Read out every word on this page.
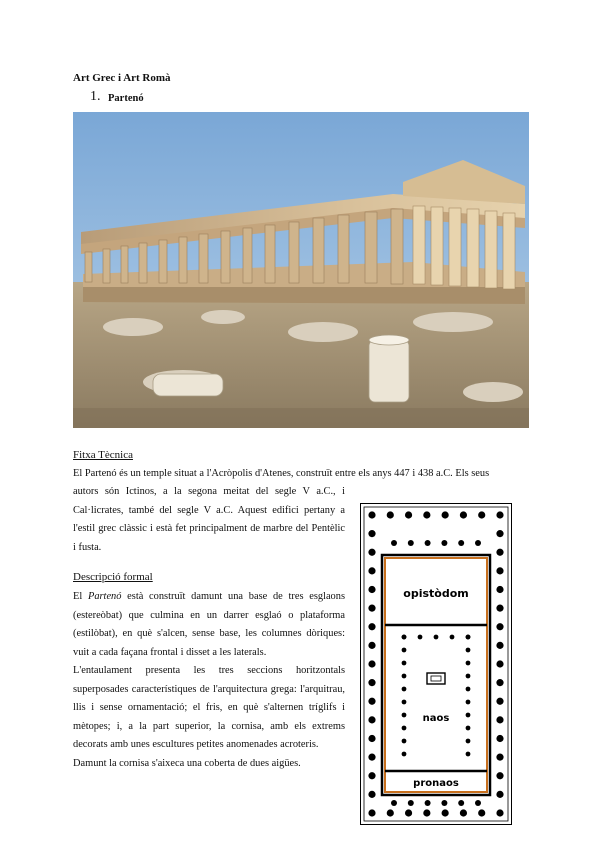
Art Grec i Art Romà
1. Partenó
Fitxa Tècnica
El Partenó és un temple situat a l'Acròpolis d'Atenes, construït entre els anys 447 i 438 a.C. Els seus
autors són Ictinos, a la segona meitat del segle V a.C., i Cal·licrates, també del segle V a.C. Aquest edifici pertany a l'estil grec clàssic i està fet principalment de marbre del Pentèlic i fusta.
Descripció formal
El Partenó està construït damunt una base de tres esglaons (estereòbat) que culmina en un darrer esglaó o plataforma (estilòbat), en què s'alcen, sense base, les columnes dòriques: vuit a cada façana frontal i disset a les laterals.
L'entaulament presenta les tres seccions horitzontals superposades característiques de l'arquitectura grega: l'arquitrau, llis i sense ornamentació; el fris, en què s'alternen tríglifs i mètopes; i, a la part superior, la cornisa, amb els extrems decorats amb unes escultures petites anomenades acroteris.
Damunt la cornisa s'aixeca una coberta de dues aigües.
opistòdom
naos
pronaos
